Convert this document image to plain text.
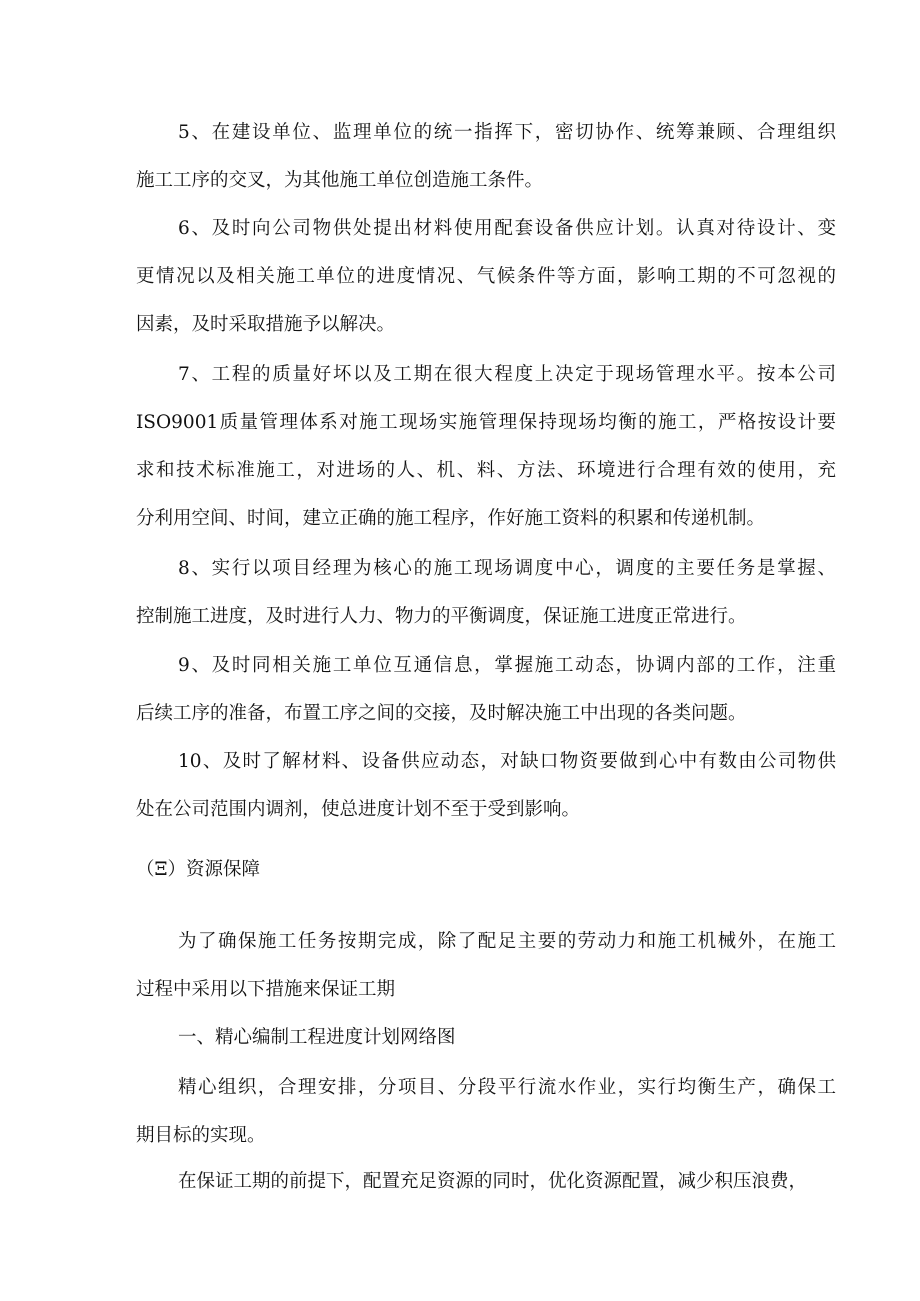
5、在建设单位、监理单位的统一指挥下，密切协作、统筹兼顾、合理组织
施工工序的交叉，为其他施工单位创造施工条件。
6、及时向公司物供处提出材料使用配套设备供应计划。认真对待设计、变
更情况以及相关施工单位的进度情况、气候条件等方面，影响工期的不可忽视的
因素，及时采取措施予以解决。
7、工程的质量好坏以及工期在很大程度上决定于现场管理水平。按本公司
ISO9001质量管理体系对施工现场实施管理保持现场均衡的施工，严格按设计要
求和技术标准施工，对进场的人、机、料、方法、环境进行合理有效的使用，充
分利用空间、时间，建立正确的施工程序，作好施工资料的积累和传递机制。
8、实行以项目经理为核心的施工现场调度中心，调度的主要任务是掌握、
控制施工进度，及时进行人力、物力的平衡调度，保证施工进度正常进行。
9、及时同相关施工单位互通信息，掌握施工动态，协调内部的工作，注重
后续工序的准备，布置工序之间的交接，及时解决施工中出现的各类问题。
10、及时了解材料、设备供应动态，对缺口物资要做到心中有数由公司物供
处在公司范围内调剂，使总进度计划不至于受到影响。
（Ξ）资源保障
为了确保施工任务按期完成，除了配足主要的劳动力和施工机械外，在施工
过程中采用以下措施来保证工期
一、精心编制工程进度计划网络图
精心组织，合理安排，分项目、分段平行流水作业，实行均衡生产，确保工
期目标的实现。
在保证工期的前提下，配置充足资源的同时，优化资源配置，减少积压浪费，
